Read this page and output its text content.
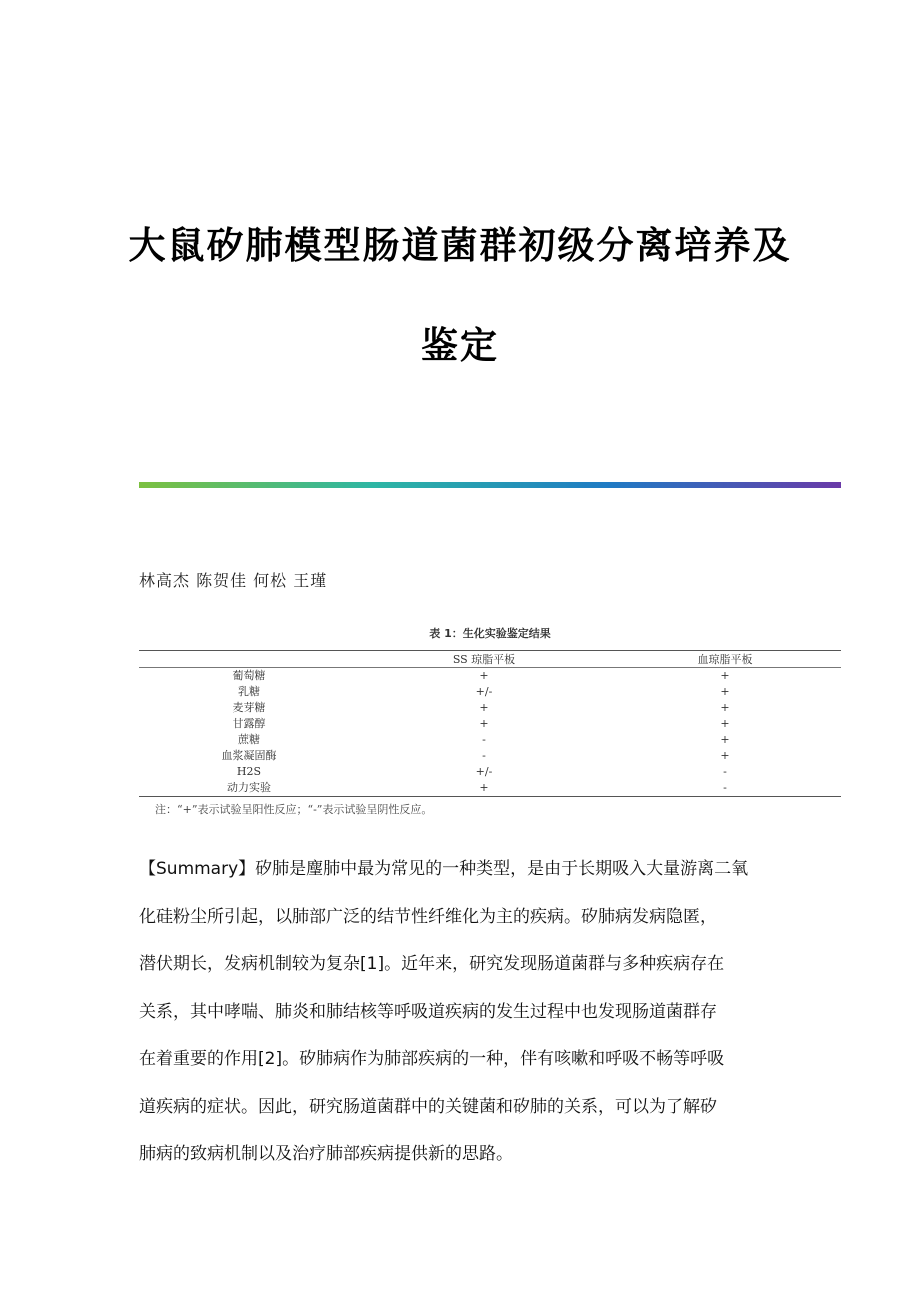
大鼠矽肺模型肠道菌群初级分离培养及
鉴定
林高杰 陈贺佳 何松 王瑾
表 1：生化实验鉴定结果
	SS 琼脂平板	血琼脂平板
葡萄糖	+	+
乳糖	+/-	+
麦芽糖	+	+
甘露醇	+	+
蔗糖	-	+
血浆凝固酶	-	+
H2S	+/-	-
动力实验	+	-
注：“+”表示试验呈阳性反应；“-”表示试验呈阴性反应。
【Summary】矽肺是麈肺中最为常见的一种类型，是由于长期吸入大量游离二氧
化硅粉尘所引起，以肺部广泛的结节性纤维化为主的疾病。矽肺病发病隐匿，
潜伏期长，发病机制较为复杂[1]。近年来，研究发现肠道菌群与多种疾病存在
关系，其中哮喘、肺炎和肺结核等呼吸道疾病的发生过程中也发现肠道菌群存
在着重要的作用[2]。矽肺病作为肺部疾病的一种，伴有咳嗽和呼吸不畅等呼吸
道疾病的症状。因此，研究肠道菌群中的关键菌和矽肺的关系，可以为了解矽
肺病的致病机制以及治疗肺部疾病提供新的思路。
